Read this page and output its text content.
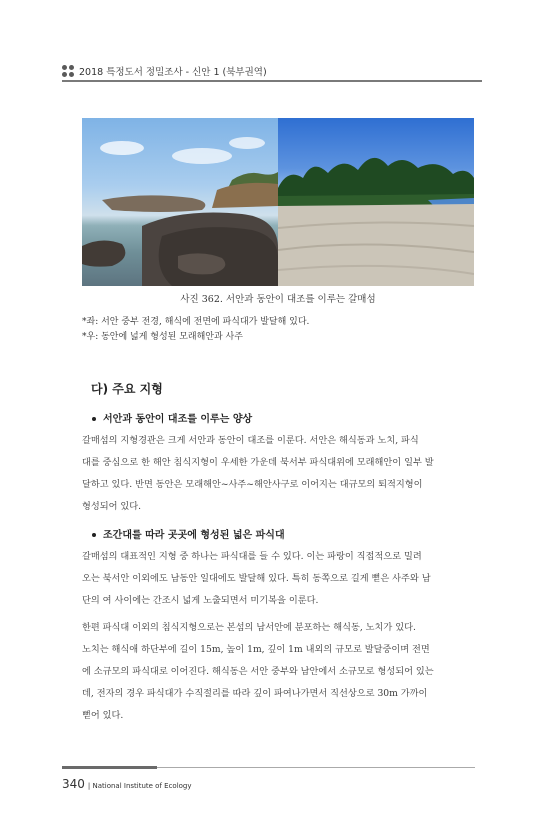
2018 특정도서 정밀조사 - 신안 1 (북부권역)
사진 362. 서안과 동안이 대조를 이루는 갈매섬
*좌: 서안 중부 전경, 해식에 전면에 파식대가 발달해 있다.
*우: 동안에 넓게 형성된 모래해안과 사주
다) 주요 지형
서안과 동안이 대조를 이루는 양상
갈매섬의 지형경관은 크게 서안과 동안이 대조를 이룬다. 서안은 해식동과 노치, 파식
대를 중심으로 한 해안 침식지형이 우세한 가운데 북서부 파식대위에 모래해안이 일부 발
달하고 있다. 반면 동안은 모래해안~사주~해안사구로 이어지는 대규모의 퇴적지형이
형성되어 있다.
조간대를 따라 곳곳에 형성된 넓은 파식대
갈매섬의 대표적인 지형 중 하나는 파식대를 들 수 있다. 이는 파랑이 직접적으로 밀려
오는 북서안 이외에도 남동안 일대에도 발달해 있다. 특히 동쪽으로 길게 뻗은 사주와 남
단의 여 사이에는 간조시 넓게 노출되면서 미기복을 이룬다.
한편 파식대 이외의 침식지형으로는 본섬의 남서안에 분포하는 해식동, 노치가 있다.
노치는 해식애 하단부에 길이 15m, 높이 1m, 깊이 1m 내외의 규모로 발달중이며 전면
에 소규모의 파식대로 이어진다. 해식동은 서안 중부와 남안에서 소규모로 형성되어 있는
데, 전자의 경우 파식대가 수직절리를 따라 깊이 파여나가면서 직선상으로 30m 가까이
뻗어 있다.
340 | National Institute of Ecology
